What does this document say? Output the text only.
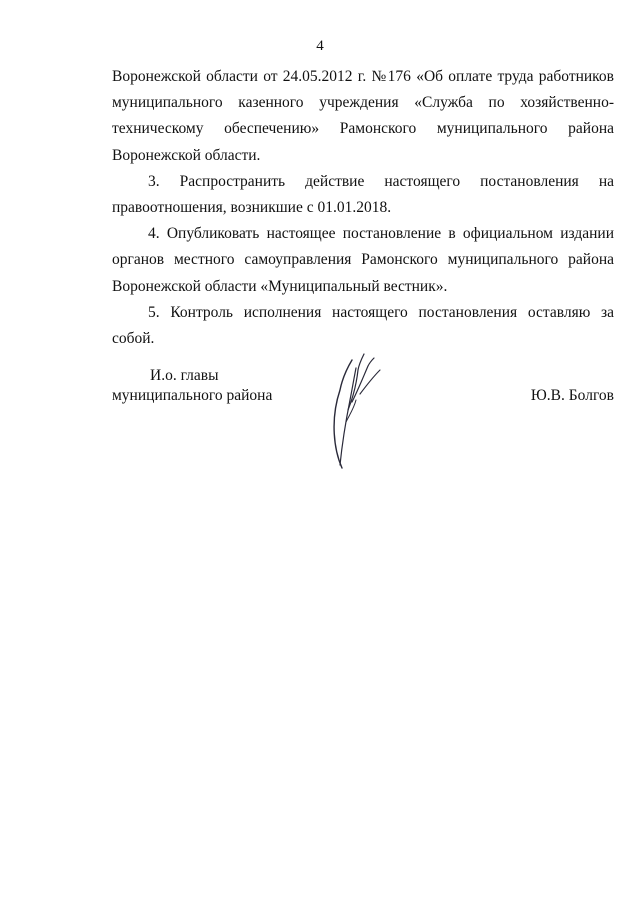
4

Воронежской области от 24.05.2012 г. №176 «Об оплате труда работников муниципального казенного учреждения «Служба по хозяйственно-техническому обеспечению» Рамонского муниципального района Воронежской области.

3. Распространить действие настоящего постановления на правоотношения, возникшие с 01.01.2018.

4. Опубликовать настоящее постановление в официальном издании органов местного самоуправления Рамонского муниципального района Воронежской области «Муниципальный вестник».

5. Контроль исполнения настоящего постановления оставляю за собой.

И.о. главы
муниципального района	Ю.В. Болгов
